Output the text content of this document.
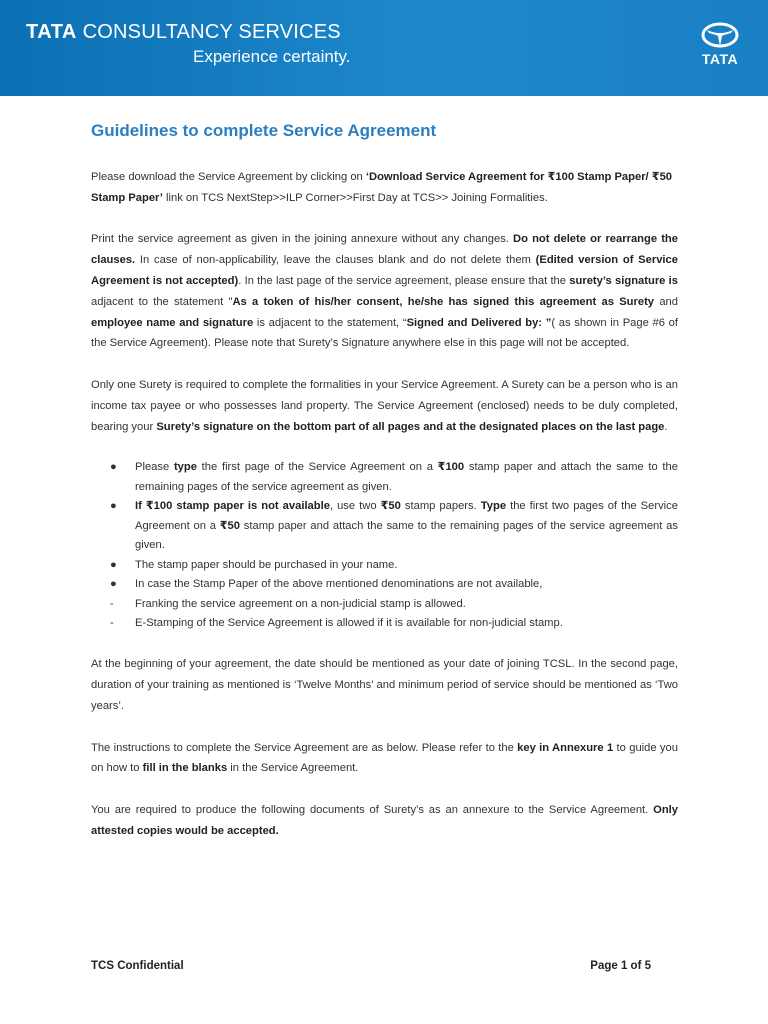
TATA CONSULTANCY SERVICES
Experience certainty.	TATA
Guidelines to complete Service Agreement

Please download the Service Agreement by clicking on ‘Download Service Agreement for ₹100 Stamp Paper/ ₹50 Stamp Paper’ link on TCS NextStep>>ILP Corner>>First Day at TCS>> Joining Formalities.

Print the service agreement as given in the joining annexure without any changes. Do not delete or rearrange the clauses. In case of non-applicability, leave the clauses blank and do not delete them (Edited version of Service Agreement is not accepted). In the last page of the service agreement, please ensure that the surety’s signature is adjacent to the statement "As a token of his/her consent, he/she has signed this agreement as Surety and employee name and signature is adjacent to the statement, “Signed and Delivered by: ”( as shown in Page #6 of the Service Agreement). Please note that Surety’s Signature anywhere else in this page will not be accepted.

Only one Surety is required to complete the formalities in your Service Agreement. A Surety can be a person who is an income tax payee or who possesses land property. The Service Agreement (enclosed) needs to be duly completed, bearing your Surety’s signature on the bottom part of all pages and at the designated places on the last page.

●	Please type the first page of the Service Agreement on a ₹100 stamp paper and attach the same to the remaining pages of the service agreement as given.
●	If ₹100 stamp paper is not available, use two ₹50 stamp papers. Type the first two pages of the Service Agreement on a ₹50 stamp paper and attach the same to the remaining pages of the service agreement as given.
●	The stamp paper should be purchased in your name.
●	In case the Stamp Paper of the above mentioned denominations are not available,
-	Franking the service agreement on a non-judicial stamp is allowed.
-	E-Stamping of the Service Agreement is allowed if it is available for non-judicial stamp.

At the beginning of your agreement, the date should be mentioned as your date of joining TCSL. In the second page, duration of your training as mentioned is ‘Twelve Months’ and minimum period of service should be mentioned as ‘Two years’.

The instructions to complete the Service Agreement are as below. Please refer to the key in Annexure 1 to guide you on how to fill in the blanks in the Service Agreement.

You are required to produce the following documents of Surety’s as an annexure to the Service Agreement. Only attested copies would be accepted.

TCS Confidential	Page 1 of 5
